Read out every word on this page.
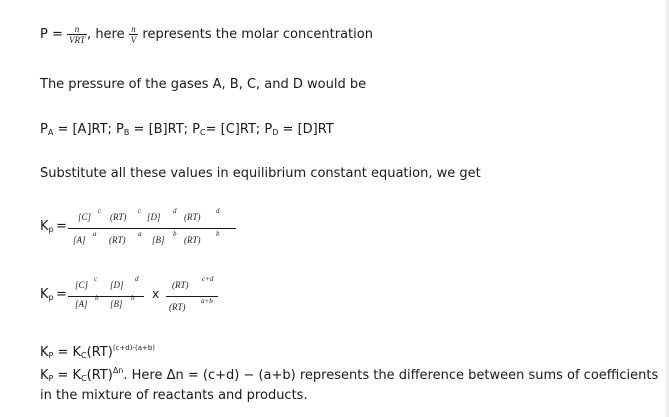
$P = \frac{n}{\text{VRT}}$ , here $\frac{n}{V}$ represents the molar concentration
The pressure of the gases A, B, C, and D would be
$P_A = [A]RT$; $P_B = [B]RT$; $P_C= [C]RT$; $P_D = [D]RT$
Substitute all these values in equilibrium constant equation, we get
$K_p$ =
[C]
c
(RT)
c
[D]
d
(RT)
d
[A]
a
(RT)
a
[B]
b
(RT)
b
$K_p$ =
[C]
c
[D]
d
[A]
b
[B]
b x
(RT)
c+d
(RT)
a+b
$K_P = K_C(RT)^{(c+d)-(a+b)}$
$K_P = K_C(RT)^{\Delta n}$. Here Δn = (c+d) − (a+b) represents the difference between sums of coefficients
in the mixture of reactants and products.
